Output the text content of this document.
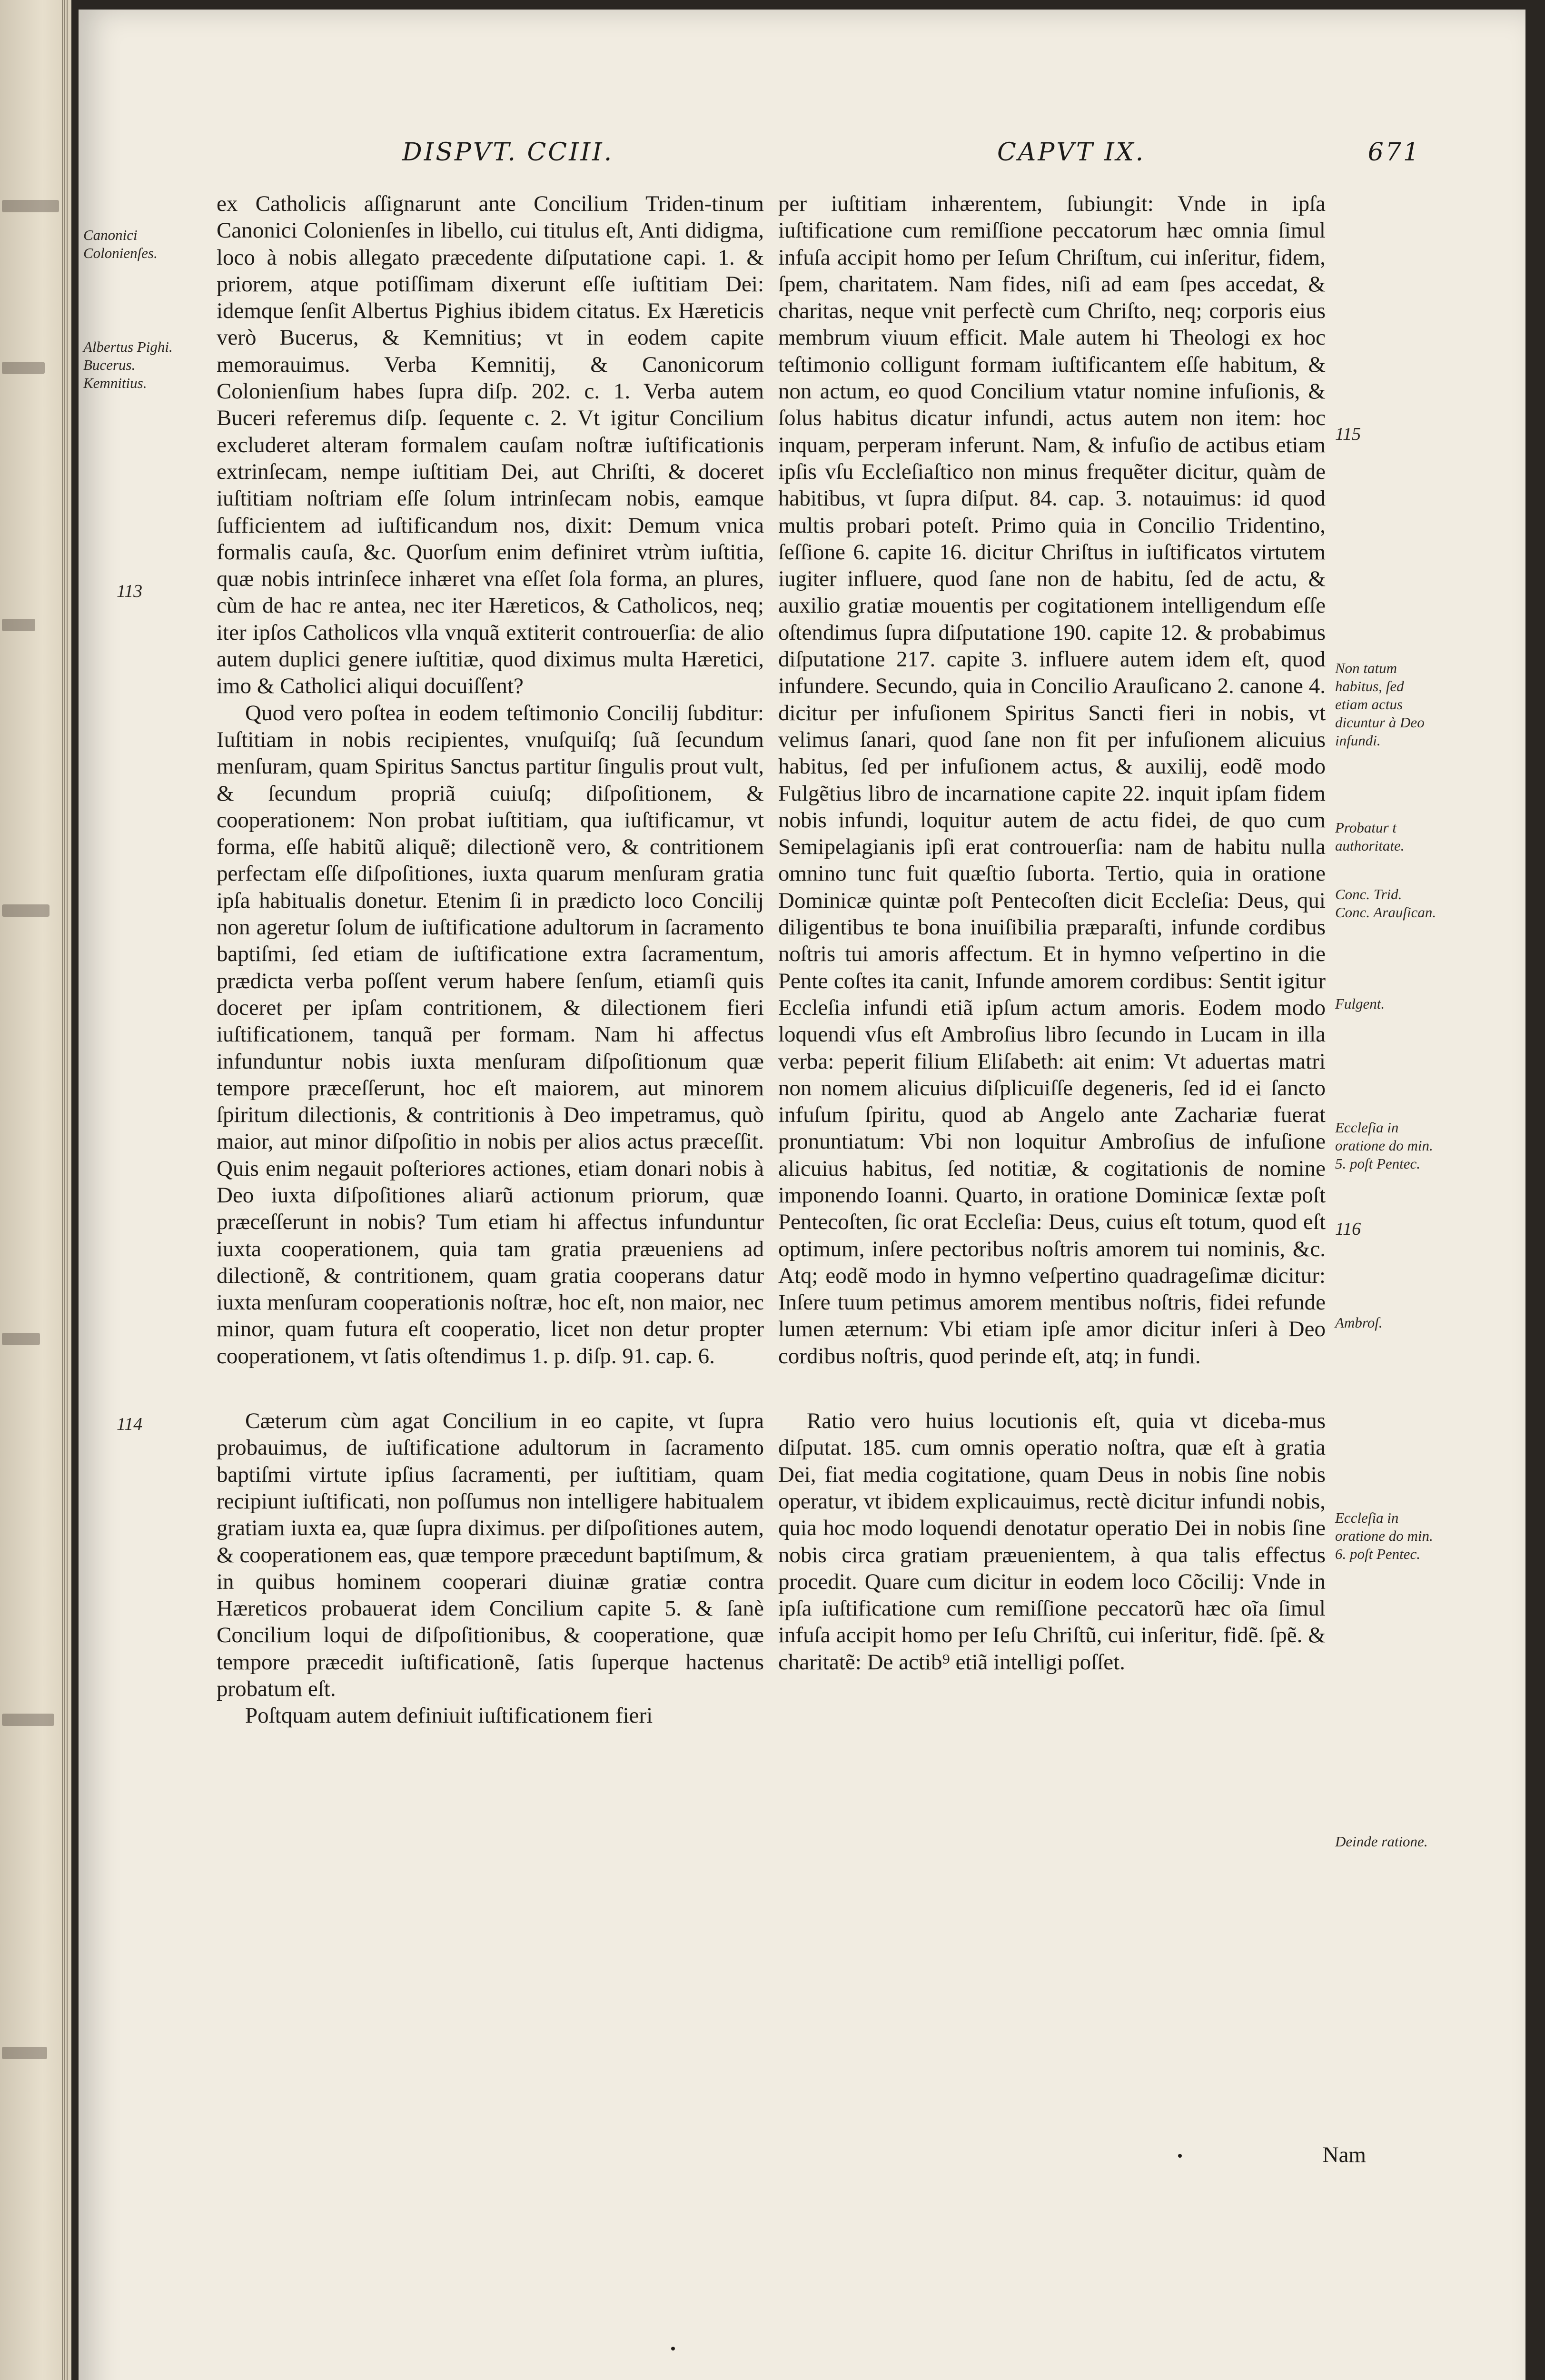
DISPVT. CCIII.	CAPVT IX.	671

ex Catholicis aſſignarunt ante Concilium Triden-tinum Canonici Colonienſes in libello, cui titulus eſt, Anti didigma, loco à nobis allegato præcedente diſputatione capi. 1. & priorem, atque potiſſimam dixerunt eſſe iuſtitiam Dei: idemque ſenſit Albertus Pighius ibidem citatus. Ex Hæreticis verò Bucerus, & Kemnitius; vt in eodem capite memorauimus. Verba Kemnitij, & Canonicorum Colonienſium habes ſupra diſp. 202. c. 1. Verba autem Buceri referemus diſp. ſequente c. 2. Vt igitur Concilium excluderet alteram formalem cauſam noſtræ iuſtificationis extrinſecam, nempe iuſtitiam Dei, aut Chriſti, & doceret iuſtitiam noſtriam eſſe ſolum intrinſecam nobis, eamque ſufficientem ad iuſtificandum nos, dixit: Demum vnica formalis cauſa, &c. Quorſum enim definiret vtrùm iuſtitia, quæ nobis intrinſece inhæret vna eſſet ſola forma, an plures, cùm de hac re antea, nec iter Hæreticos, & Catholicos, neq; iter ipſos Catholicos vlla vnquã extiterit controuerſia: de alio autem duplici genere iuſtitiæ, quod diximus multa Hæretici, imo & Catholici aliqui docuiſſent?

Quod vero poſtea in eodem teſtimonio Concilij ſubditur: Iuſtitiam in nobis recipientes, vnuſquiſq; ſuã ſecundum menſuram, quam Spiritus Sanctus partitur ſingulis prout vult, & ſecundum propriã cuiuſq; diſpoſitionem, & cooperationem: Non probat iuſtitiam, qua iuſtificamur, vt forma, eſſe habitũ aliquẽ; dilectionẽ vero, & contritionem perfectam eſſe diſpoſitiones, iuxta quarum menſuram gratia ipſa habitualis donetur. Etenim ſi in prædicto loco Concilij non ageretur ſolum de iuſtificatione adultorum in ſacramento baptiſmi, ſed etiam de iuſtificatione extra ſacramentum, prædicta verba poſſent verum habere ſenſum, etiamſi quis doceret per ipſam contritionem, & dilectionem fieri iuſtificationem, tanquã per formam. Nam hi affectus infunduntur nobis iuxta menſuram diſpoſitionum quæ tempore præceſſerunt, hoc eſt maiorem, aut minorem ſpiritum dilectionis, & contritionis à Deo impetramus, quò maior, aut minor diſpoſitio in nobis per alios actus præceſſit. Quis enim negauit poſteriores actiones, etiam donari nobis à Deo iuxta diſpoſitiones aliarũ actionum priorum, quæ præceſſerunt in nobis? Tum etiam hi affectus infunduntur iuxta cooperationem, quia tam gratia præueniens ad dilectionẽ, & contritionem, quam gratia cooperans datur iuxta menſuram cooperationis noſtræ, hoc eſt, non maior, nec minor, quam futura eſt cooperatio, licet non detur propter cooperationem, vt ſatis oſtendimus 1. p. diſp. 91. cap. 6.

Cæterum cùm agat Concilium in eo capite, vt ſupra probauimus, de iuſtificatione adultorum in ſacramento baptiſmi virtute ipſius ſacramenti, per iuſtitiam, quam recipiunt iuſtificati, non poſſumus non intelligere habitualem gratiam iuxta ea, quæ ſupra diximus. per diſpoſitiones autem, & cooperationem eas, quæ tempore præcedunt baptiſmum, & in quibus hominem cooperari diuinæ gratiæ contra Hæreticos probauerat idem Concilium capite 5. & ſanè Concilium loqui de diſpoſitionibus, & cooperatione, quæ tempore præcedit iuſtificationẽ, ſatis ſuperque hactenus probatum eſt.

Poſtquam autem definiuit iuſtificationem fieri

per iuſtitiam inhærentem, ſubiungit: Vnde in ipſa iuſtificatione cum remiſſione peccatorum hæc omnia ſimul infuſa accipit homo per Ieſum Chriſtum, cui inſeritur, fidem, ſpem, charitatem. Nam fides, niſi ad eam ſpes accedat, & charitas, neque vnit perfectè cum Chriſto, neq; corporis eius membrum viuum efficit. Male autem hi Theologi ex hoc teſtimonio colligunt formam iuſtificantem eſſe habitum, & non actum, eo quod Concilium vtatur nomine infuſionis, & ſolus habitus dicatur infundi, actus autem non item: hoc inquam, perperam inferunt. Nam, & infuſio de actibus etiam ipſis vſu Eccleſiaſtico non minus frequẽter dicitur, quàm de habitibus, vt ſupra diſput. 84. cap. 3. notauimus: id quod multis probari poteſt. Primo quia in Concilio Tridentino, ſeſſione 6. capite 16. dicitur Chriſtus in iuſtificatos virtutem iugiter influere, quod ſane non de habitu, ſed de actu, & auxilio gratiæ mouentis per cogitationem intelligendum eſſe oſtendimus ſupra diſputatione 190. capite 12. & probabimus diſputatione 217. capite 3. influere autem idem eſt, quod infundere. Secundo, quia in Concilio Arauſicano 2. canone 4. dicitur per infuſionem Spiritus Sancti fieri in nobis, vt velimus ſanari, quod ſane non fit per infuſionem alicuius habitus, ſed per infuſionem actus, & auxilij, eodẽ modo Fulgẽtius libro de incarnatione capite 22. inquit ipſam fidem nobis infundi, loquitur autem de actu fidei, de quo cum Semipelagianis ipſi erat controuerſia: nam de habitu nulla omnino tunc fuit quæſtio ſuborta. Tertio, quia in oratione Dominicæ quintæ poſt Pentecoſten dicit Eccleſia: Deus, qui diligentibus te bona inuiſibilia præparaſti, infunde cordibus noſtris tui amoris affectum. Et in hymno veſpertino in die Pente coſtes ita canit, Infunde amorem cordibus: Sentit igitur Eccleſia infundi etiã ipſum actum amoris. Eodem modo loquendi vſus eſt Ambroſius libro ſecundo in Lucam in illa verba: peperit filium Eliſabeth: ait enim: Vt aduertas matri non nomem alicuius diſplicuiſſe degeneris, ſed id ei ſancto infuſum ſpiritu, quod ab Angelo ante Zachariæ fuerat pronuntiatum: Vbi non loquitur Ambroſius de infuſione alicuius habitus, ſed notitiæ, & cogitationis de nomine imponendo Ioanni. Quarto, in oratione Dominicæ ſextæ poſt Pentecoſten, ſic orat Eccleſia: Deus, cuius eſt totum, quod eſt optimum, inſere pectoribus noſtris amorem tui nominis, &c. Atq; eodẽ modo in hymno veſpertino quadrageſimæ dicitur: Inſere tuum petimus amorem mentibus noſtris, fidei refunde lumen æternum: Vbi etiam ipſe amor dicitur inſeri à Deo cordibus noſtris, quod perinde eſt, atq; in fundi.

Ratio vero huius locutionis eſt, quia vt diceba-mus diſputat. 185. cum omnis operatio noſtra, quæ eſt à gratia Dei, fiat media cogitatione, quam Deus in nobis ſine nobis operatur, vt ibidem explicauimus, rectè dicitur infundi nobis, quia hoc modo loquendi denotatur operatio Dei in nobis ſine nobis circa gratiam præuenientem, à qua talis effectus procedit. Quare cum dicitur in eodem loco Cõcilij: Vnde in ipſa iuſtificatione cum remiſſione peccatorũ hæc oĩa ſimul infuſa accipit homo per Ieſu Chriſtũ, cui inſeritur, fidẽ. ſpẽ. & charitatẽ: De actib⁹ etiã intelligi poſſet.

Canonici Colonienſes.
Albertus Pighi. Bucerus. Kemnitius.
113
114
115
Non tatum habitus, ſed etiam actus dicuntur à Deo infundi.
Probatur t authoritate.
Conc. Trid. Conc. Arauſican.
Fulgent.
Eccleſia in oratione do min. 5. poſt Pentec.
116
Ambroſ.
Eccleſia in oratione do min. 6. poſt Pentec.
Deinde ratione.
Nam
